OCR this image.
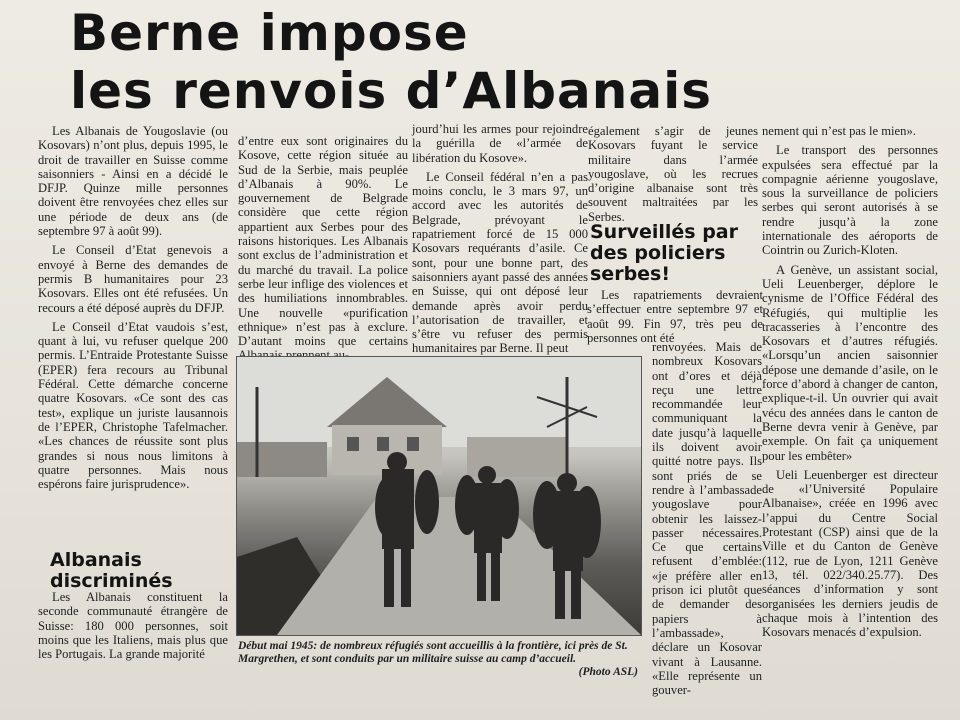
Berne impose
les renvois d’Albanais

Les Albanais de Yougoslavie (ou Kosovars) n’ont plus, depuis 1995, le droit de travailler en Suisse comme saisonniers - Ainsi en a décidé le DFJP. Quinze mille personnes doivent être renvoyées chez elles sur une période de deux ans (de septembre 97 à août 99).

Le Conseil d’Etat genevois a envoyé à Berne des demandes de permis B humanitaires pour 23 Kosovars. Elles ont été refusées. Un recours a été déposé auprès du DFJP.

Le Conseil d’Etat vaudois s’est, quant à lui, vu refuser quelque 200 permis. L’Entraide Protestante Suisse (EPER) fera recours au Tribunal Fédéral. Cette démarche concerne quatre Kosovars. «Ce sont des cas test», explique un juriste lausannois de l’EPER, Christophe Tafelmacher. «Les chances de réussite sont plus grandes si nous nous limitons à quatre personnes. Mais nous espérons faire jurisprudence».

Albanais discriminés

Les Albanais constituent la seconde communauté étrangère de Suisse: 180 000 personnes, soit moins que les Italiens, mais plus que les Portugais. La grande majorité

d’entre eux sont originaires du Kosove, cette région située au Sud de la Serbie, mais peuplée d’Albanais à 90%. Le gouvernement de Belgrade considère que cette région appartient aux Serbes pour des raisons historiques. Les Albanais sont exclus de l’administration et du marché du travail. La police serbe leur inflige des violences et des humiliations innombrables. Une nouvelle «purification ethnique» n’est pas à exclure. D’autant moins que certains

jourd’hui les armes pour rejoindre la guérilla de «l’armée de libération du Kosove».

Le Conseil fédéral n’en a pas moins conclu, le 3 mars 97, un accord avec les autorités de Belgrade, prévoyant le rapatriement forcé de 15 000 Kosovars requérants d’asile. Ce sont, pour une bonne part, des saisonniers ayant passé des années en Suisse, qui ont déposé leur demande après avoir perdu l’autorisation de travailler, et s’être vu refuser des permis humanitaires par Berne. Il peut

également s’agir de jeunes Kosovars fuyant le service militaire dans l’armée yougoslave, où les recrues d’origine albanaise sont très souvent maltraitées par les Serbes.

Surveillés par des policiers serbes!

Les rapatriements devraient s’effectuer entre septembre 97 et août 99. Fin 97, très peu de personnes ont été

renvoyées. Mais de nombreux Kosovars ont d’ores et déjà reçu une lettre recommandée leur communiquant la date jusqu’à laquelle ils doivent avoir quitté notre pays. Ils sont priés de se rendre à l’ambassade yougoslave pour obtenir les laissez-passer nécessaires. Ce que certains refusent d’emblée: «je préfère aller en prison ici plutôt que de demander des papiers à l’ambassade», déclare un Kosovar vivant à Lausanne. «Elle représente un gouver-

nement qui n’est pas le mien».

Le transport des personnes expulsées sera effectué par la compagnie aérienne yougoslave, sous la surveillance de policiers serbes qui seront autorisés à se rendre jusqu’à la zone internationale des aéroports de Cointrin ou Zurich-Kloten.

A Genève, un assistant social, Ueli Leuenberger, déplore le cynisme de l’Office Fédéral des Réfugiés, qui multiplie les tracasseries à l’encontre des Kosovars et d’autres réfugiés. «Lorsqu’un ancien saisonnier dépose une demande d’asile, on le force d’abord à changer de canton, explique-t-il. Un ouvrier qui avait vécu des années dans le canton de Berne devra venir à Genève, par exemple. On fait ça uniquement pour les embêter»

Ueli Leuenberger est directeur de «l’Université Populaire Albanaise», créée en 1996 avec l’appui du Centre Social Protestant (CSP) ainsi que de la Ville et du Canton de Genève (112, rue de Lyon, 1211 Genève 13, tél. 022/340.25.77). Des séances d’information y sont organisées les derniers jeudis de chaque mois à l’intention des Kosovars menacés d’expulsion.

Début mai 1945: de nombreux réfugiés sont accueillis à la frontière, ici près de St. Margrethen, et sont conduits par un militaire suisse au camp d’accueil.
(Photo ASL)
